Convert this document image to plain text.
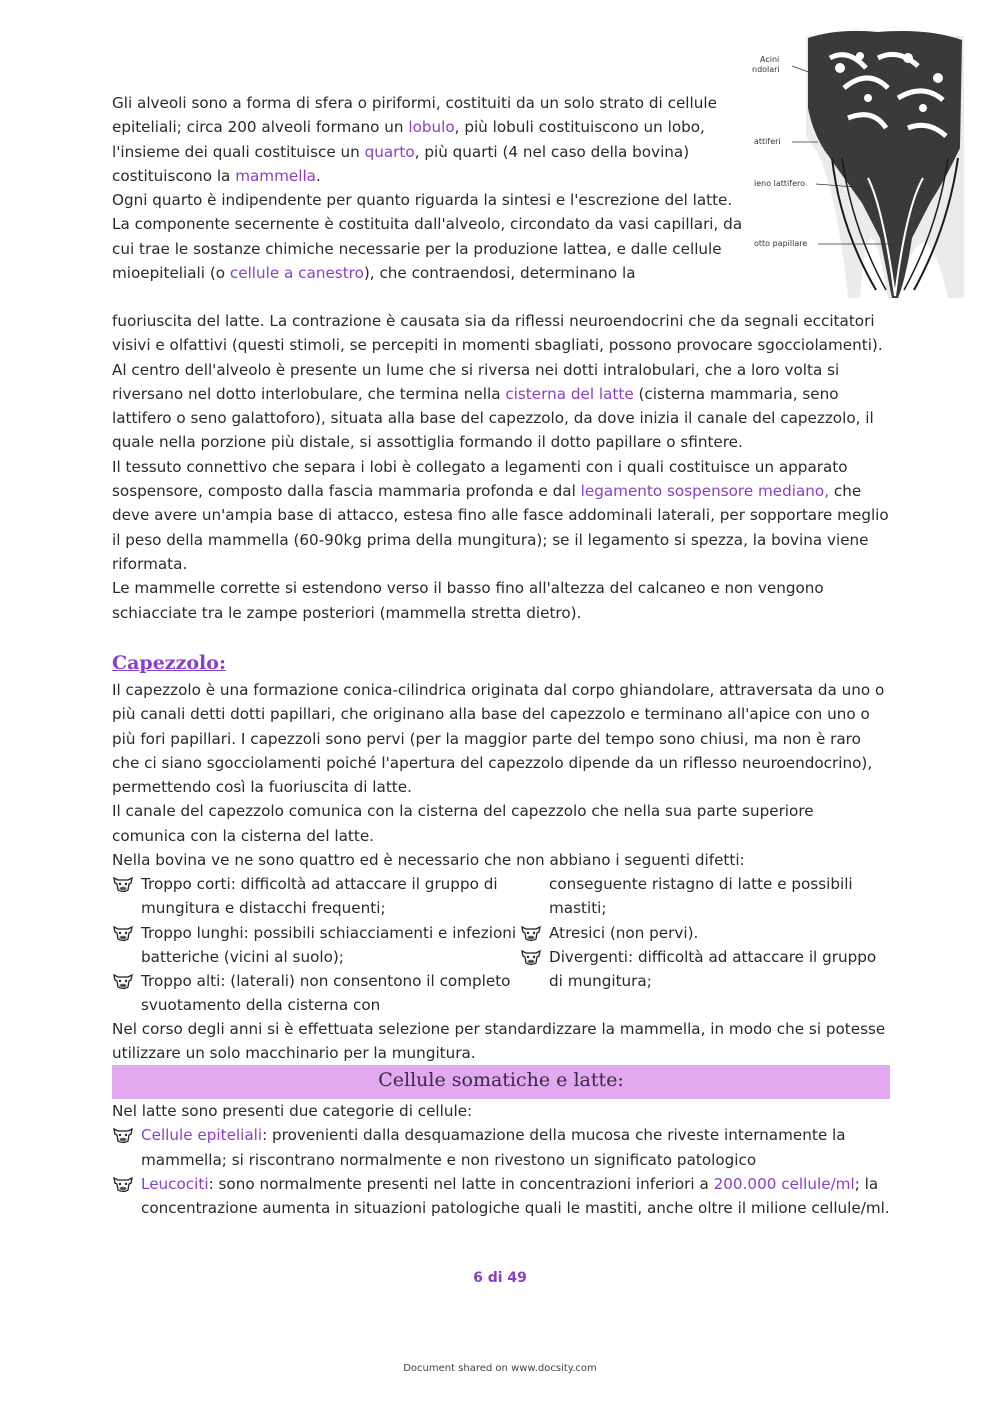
Gli alveoli sono a forma di sfera o piriformi, costituiti da un solo strato di cellule epiteliali; circa 200 alveoli formano un lobulo, più lobuli costituiscono un lobo, l'insieme dei quali costituisce un quarto, più quarti (4 nel caso della bovina) costituiscono la mammella.

Ogni quarto è indipendente per quanto riguarda la sintesi e l'escrezione del latte.

La componente secernente è costituita dall'alveolo, circondato da vasi capillari, da cui trae le sostanze chimiche necessarie per la produzione lattea, e dalle cellule mioepiteliali (o cellule a canestro), che contraendosi, determinano la

Acini
ndolari
attiferi
ieno lattifero
otto papillare

fuoriuscita del latte. La contrazione è causata sia da riflessi neuroendocrini che da segnali eccitatori visivi e olfattivi (questi stimoli, se percepiti in momenti sbagliati, possono provocare sgocciolamenti).

Al centro dell'alveolo è presente un lume che si riversa nei dotti intralobulari, che a loro volta si riversano nel dotto interlobulare, che termina nella cisterna del latte (cisterna mammaria, seno lattifero o seno galattoforo), situata alla base del capezzolo, da dove inizia il canale del capezzolo, il quale nella porzione più distale, si assottiglia formando il dotto papillare o sfintere.

Il tessuto connettivo che separa i lobi è collegato a legamenti con i quali costituisce un apparato sospensore, composto dalla fascia mammaria profonda e dal legamento sospensore mediano, che deve avere un'ampia base di attacco, estesa fino alle fasce addominali laterali, per sopportare meglio il peso della mammella (60-90kg prima della mungitura); se il legamento si spezza, la bovina viene riformata.

Le mammelle corrette si estendono verso il basso fino all'altezza del calcaneo e non vengono schiacciate tra le zampe posteriori (mammella stretta dietro).

Capezzolo:

Il capezzolo è una formazione conica-cilindrica originata dal corpo ghiandolare, attraversata da uno o più canali detti dotti papillari, che originano alla base del capezzolo e terminano all'apice con uno o più fori papillari. I capezzoli sono pervi (per la maggior parte del tempo sono chiusi, ma non è raro che ci siano sgocciolamenti poiché l'apertura del capezzolo dipende da un riflesso neuroendocrino), permettendo così la fuoriuscita di latte.

Il canale del capezzolo comunica con la cisterna del capezzolo che nella sua parte superiore comunica con la cisterna del latte.

Nella bovina ve ne sono quattro ed è necessario che non abbiano i seguenti difetti:

Troppo corti: difficoltà ad attaccare il gruppo di mungitura e distacchi frequenti;
Troppo lunghi: possibili schiacciamenti e infezioni batteriche (vicini al suolo);
Troppo alti: (laterali) non consentono il completo svuotamento della cisterna con
conseguente ristagno di latte e possibili mastiti;
Atresici (non pervi).
Divergenti: difficoltà ad attaccare il gruppo di mungitura;

Nel corso degli anni si è effettuata selezione per standardizzare la mammella, in modo che si potesse utilizzare un solo macchinario per la mungitura.

Cellule somatiche e latte:

Nel latte sono presenti due categorie di cellule:

Cellule epiteliali: provenienti dalla desquamazione della mucosa che riveste internamente la mammella; si riscontrano normalmente e non rivestono un significato patologico
Leucociti: sono normalmente presenti nel latte in concentrazioni inferiori a 200.000 cellule/ml; la concentrazione aumenta in situazioni patologiche quali le mastiti, anche oltre il milione cellule/ml.
6 di 49
Document shared on www.docsity.com
